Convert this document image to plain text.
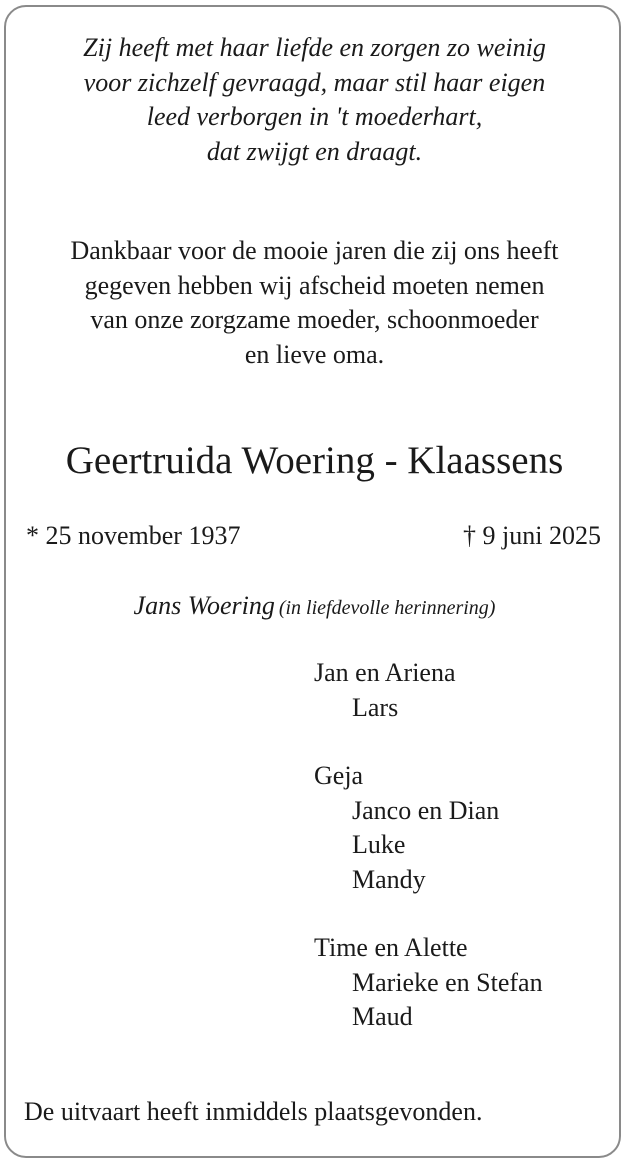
Zij heeft met haar liefde en zorgen zo weinig
voor zichzelf gevraagd, maar stil haar eigen
leed verborgen in 't moederhart,
dat zwijgt en draagt.
Dankbaar voor de mooie jaren die zij ons heeft
gegeven hebben wij afscheid moeten nemen
van onze zorgzame moeder, schoonmoeder
en lieve oma.
Geertruida Woering - Klaassens
* 25 november 1937	† 9 juni 2025
Jans Woering (in liefdevolle herinnering)
Jan en Ariena
Lars
Geja
Janco en Dian
Luke
Mandy
Time en Alette
Marieke en Stefan
Maud
De uitvaart heeft inmiddels plaatsgevonden.
